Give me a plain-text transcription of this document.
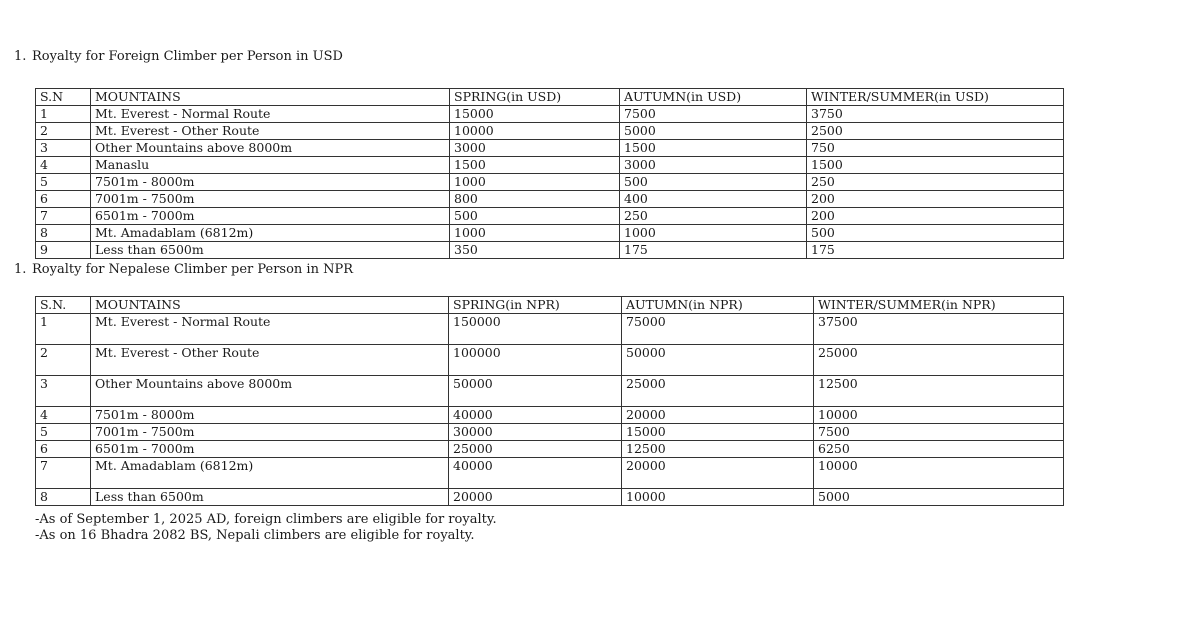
1. Royalty for Foreign Climber per Person in USD
S.N	MOUNTAINS	SPRING(in USD)	AUTUMN(in USD)	WINTER/SUMMER(in USD)
1	Mt. Everest - Normal Route	15000	7500	3750
2	Mt. Everest - Other Route	10000	5000	2500
3	Other Mountains above 8000m	3000	1500	750
4	Manaslu	1500	3000	1500
5	7501m - 8000m	1000	500	250
6	7001m - 7500m	800	400	200
7	6501m - 7000m	500	250	200
8	Mt. Amadablam (6812m)	1000	1000	500
9	Less than 6500m	350	175	175
1. Royalty for Nepalese Climber per Person in NPR
S.N.	MOUNTAINS	SPRING(in NPR)	AUTUMN(in NPR)	WINTER/SUMMER(in NPR)
1	Mt. Everest - Normal Route	150000	75000	37500
2	Mt. Everest - Other Route	100000	50000	25000
3	Other Mountains above 8000m	50000	25000	12500
4	7501m - 8000m	40000	20000	10000
5	7001m - 7500m	30000	15000	7500
6	6501m - 7000m	25000	12500	6250
7	Mt. Amadablam (6812m)	40000	20000	10000
8	Less than 6500m	20000	10000	5000
-As of September 1, 2025 AD, foreign climbers are eligible for royalty.
-As on 16 Bhadra 2082 BS, Nepali climbers are eligible for royalty.
